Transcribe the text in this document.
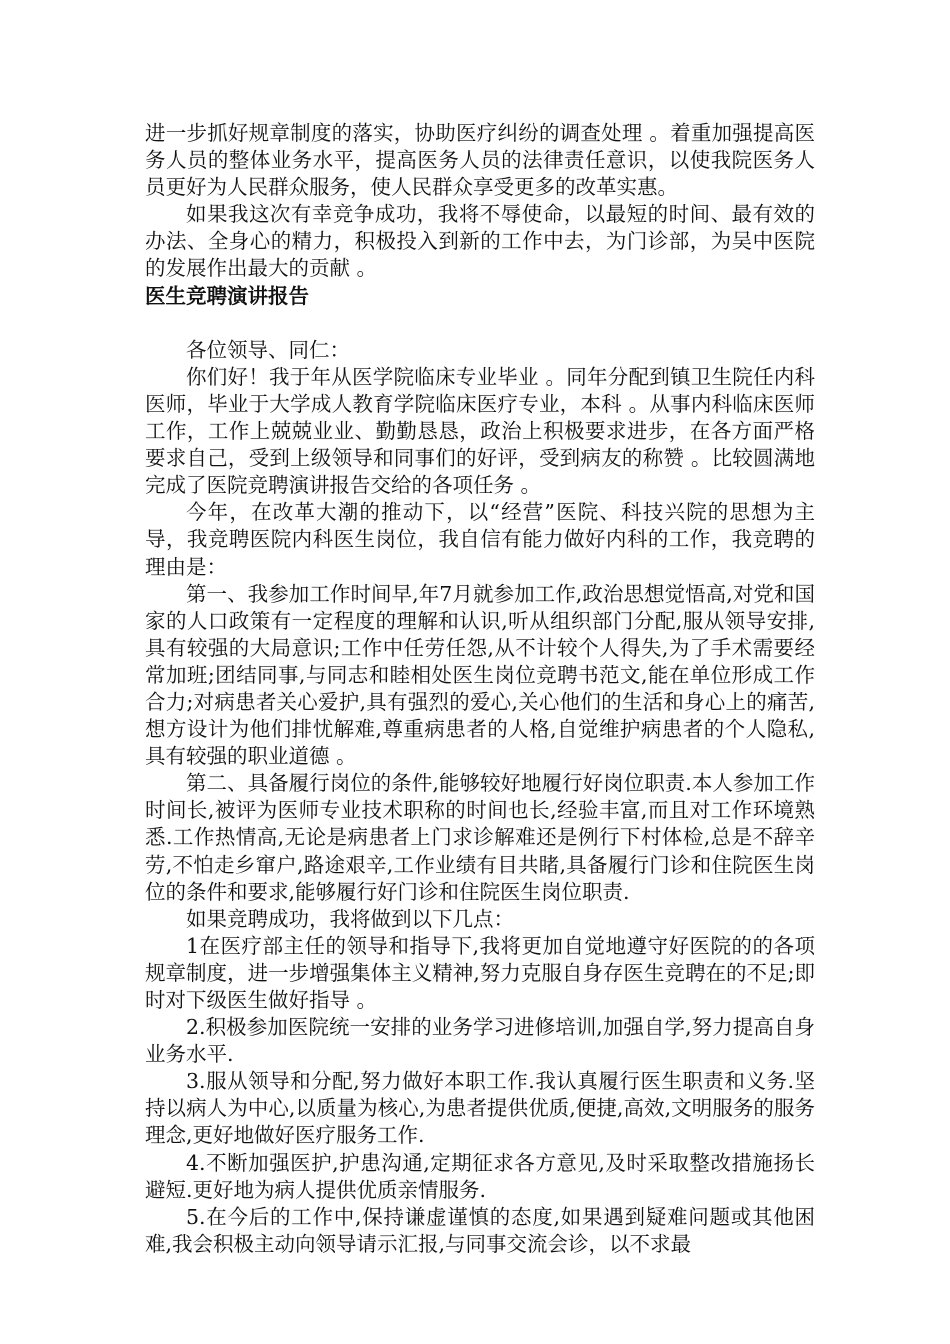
进一步抓好规章制度的落实，协助医疗纠纷的调查处理 。着重加强提高医务人员的整体业务水平，提高医务人员的法律责任意识，以使我院医务人员更好为人民群众服务，使人民群众享受更多的改革实惠。

如果我这次有幸竞争成功，我将不辱使命，以最短的时间、最有效的办法、全身心的精力，积极投入到新的工作中去，为门诊部，为吴中医院的发展作出最大的贡献 。

医生竞聘演讲报告

各位领导、同仁：

你们好！我于年从医学院临床专业毕业 。同年分配到镇卫生院任内科医师，毕业于大学成人教育学院临床医疗专业，本科 。从事内科临床医师工作，工作上兢兢业业、勤勤恳恳，政治上积极要求进步，在各方面严格要求自己，受到上级领导和同事们的好评，受到病友的称赞 。比较圆满地完成了医院竞聘演讲报告交给的各项任务 。

今年，在改革大潮的推动下，以“经营”医院、科技兴院的思想为主导，我竞聘医院内科医生岗位，我自信有能力做好内科的工作，我竞聘的理由是：

第一、我参加工作时间早,年7月就参加工作,政治思想觉悟高,对党和国家的人口政策有一定程度的理解和认识,听从组织部门分配,服从领导安排,具有较强的大局意识;工作中任劳任怨,从不计较个人得失,为了手术需要经常加班;团结同事,与同志和睦相处医生岗位竞聘书范文,能在单位形成工作合力;对病患者关心爱护,具有强烈的爱心,关心他们的生活和身心上的痛苦,想方设计为他们排忧解难,尊重病患者的人格,自觉维护病患者的个人隐私,具有较强的职业道德 。

第二、具备履行岗位的条件,能够较好地履行好岗位职责.本人参加工作时间长,被评为医师专业技术职称的时间也长,经验丰富,而且对工作环境熟悉.工作热情高,无论是病患者上门求诊解难还是例行下村体检,总是不辞辛劳,不怕走乡窜户,路途艰辛,工作业绩有目共睹,具备履行门诊和住院医生岗位的条件和要求,能够履行好门诊和住院医生岗位职责.

如果竞聘成功，我将做到以下几点：

1在医疗部主任的领导和指导下,我将更加自觉地遵守好医院的的各项规章制度，进一步增强集体主义精神,努力克服自身存医生竞聘在的不足;即时对下级医生做好指导 。

2.积极参加医院统一安排的业务学习进修培训,加强自学,努力提高自身业务水平.

3.服从领导和分配,努力做好本职工作.我认真履行医生职责和义务.坚持以病人为中心,以质量为核心,为患者提供优质,便捷,高效,文明服务的服务理念,更好地做好医疗服务工作.

4.不断加强医护,护患沟通,定期征求各方意见,及时采取整改措施扬长避短.更好地为病人提供优质亲情服务.

5.在今后的工作中,保持谦虚谨慎的态度,如果遇到疑难问题或其他困难,我会积极主动向领导请示汇报,与同事交流会诊，以不求最
